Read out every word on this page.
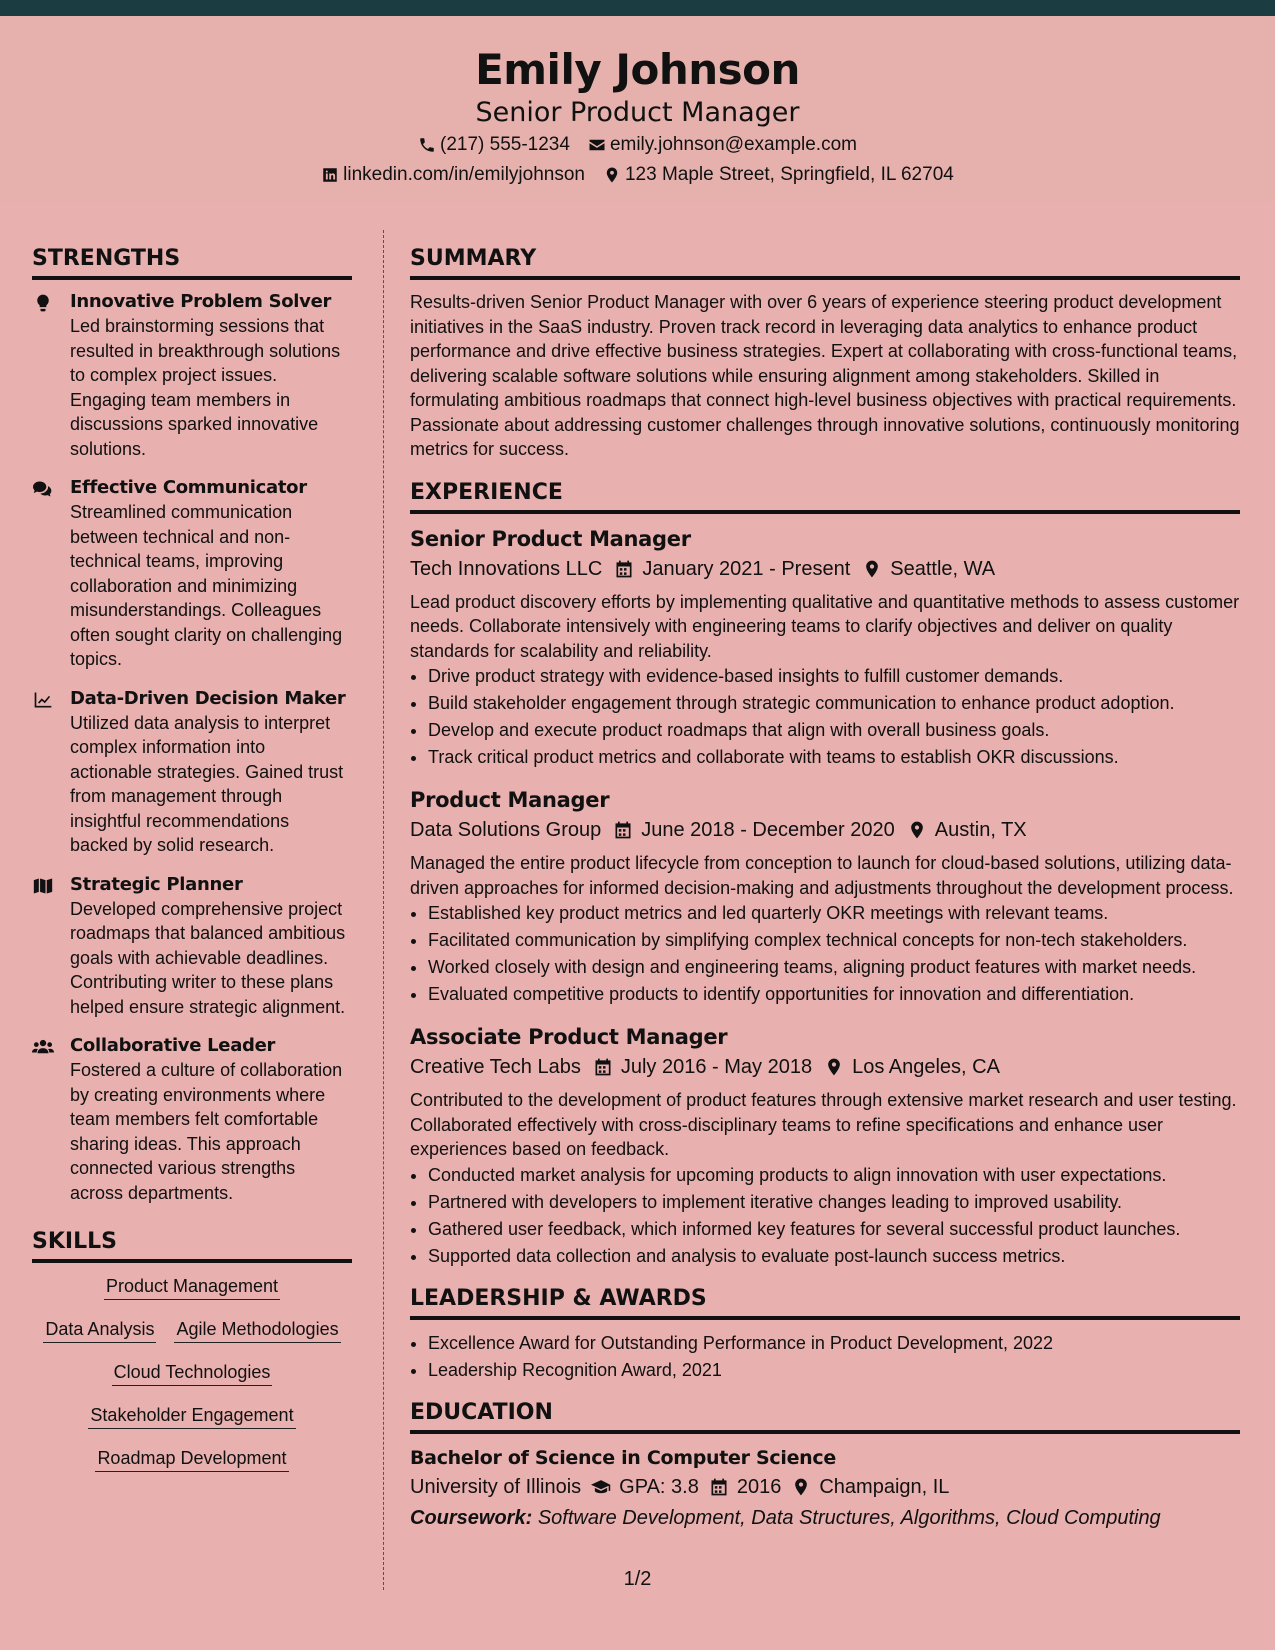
Emily Johnson
Senior Product Manager
(217) 555-1234 emily.johnson@example.com
linkedin.com/in/emilyjohnson 123 Maple Street, Springfield, IL 62704
STRENGTHS
Innovative Problem Solver
Led brainstorming sessions that resulted in breakthrough solutions to complex project issues. Engaging team members in discussions sparked innovative solutions.
Effective Communicator
Streamlined communication between technical and non-technical teams, improving collaboration and minimizing misunderstandings. Colleagues often sought clarity on challenging topics.
Data-Driven Decision Maker
Utilized data analysis to interpret complex information into actionable strategies. Gained trust from management through insightful recommendations backed by solid research.
Strategic Planner
Developed comprehensive project roadmaps that balanced ambitious goals with achievable deadlines. Contributing writer to these plans helped ensure strategic alignment.
Collaborative Leader
Fostered a culture of collaboration by creating environments where team members felt comfortable sharing ideas. This approach connected various strengths across departments.
SKILLS
Product Management
Data Analysis Agile Methodologies
Cloud Technologies
Stakeholder Engagement
Roadmap Development
SUMMARY

Results-driven Senior Product Manager with over 6 years of experience steering product development initiatives in the SaaS industry. Proven track record in leveraging data analytics to enhance product performance and drive effective business strategies. Expert at collaborating with cross-functional teams, delivering scalable software solutions while ensuring alignment among stakeholders. Skilled in formulating ambitious roadmaps that connect high-level business objectives with practical requirements. Passionate about addressing customer challenges through innovative solutions, continuously monitoring metrics for success.

EXPERIENCE
Senior Product Manager
Tech Innovations LLC January 2021 - Present Seattle, WA

Lead product discovery efforts by implementing qualitative and quantitative methods to assess customer needs. Collaborate intensively with engineering teams to clarify objectives and deliver on quality standards for scalability and reliability.

• Drive product strategy with evidence-based insights to fulfill customer demands.
• Build stakeholder engagement through strategic communication to enhance product adoption.
• Develop and execute product roadmaps that align with overall business goals.
• Track critical product metrics and collaborate with teams to establish OKR discussions.
Product Manager
Data Solutions Group June 2018 - December 2020 Austin, TX

Managed the entire product lifecycle from conception to launch for cloud-based solutions, utilizing data-driven approaches for informed decision-making and adjustments throughout the development process.

• Established key product metrics and led quarterly OKR meetings with relevant teams.
• Facilitated communication by simplifying complex technical concepts for non-tech stakeholders.
• Worked closely with design and engineering teams, aligning product features with market needs.
• Evaluated competitive products to identify opportunities for innovation and differentiation.
Associate Product Manager
Creative Tech Labs July 2016 - May 2018 Los Angeles, CA

Contributed to the development of product features through extensive market research and user testing. Collaborated effectively with cross-disciplinary teams to refine specifications and enhance user experiences based on feedback.

• Conducted market analysis for upcoming products to align innovation with user expectations.
• Partnered with developers to implement iterative changes leading to improved usability.
• Gathered user feedback, which informed key features for several successful product launches.
• Supported data collection and analysis to evaluate post-launch success metrics.
LEADERSHIP & AWARDS
• Excellence Award for Outstanding Performance in Product Development, 2022
• Leadership Recognition Award, 2021
EDUCATION
Bachelor of Science in Computer Science
University of Illinois GPA: 3.8 2016 Champaign, IL
Coursework: Software Development, Data Structures, Algorithms, Cloud Computing
1/2
